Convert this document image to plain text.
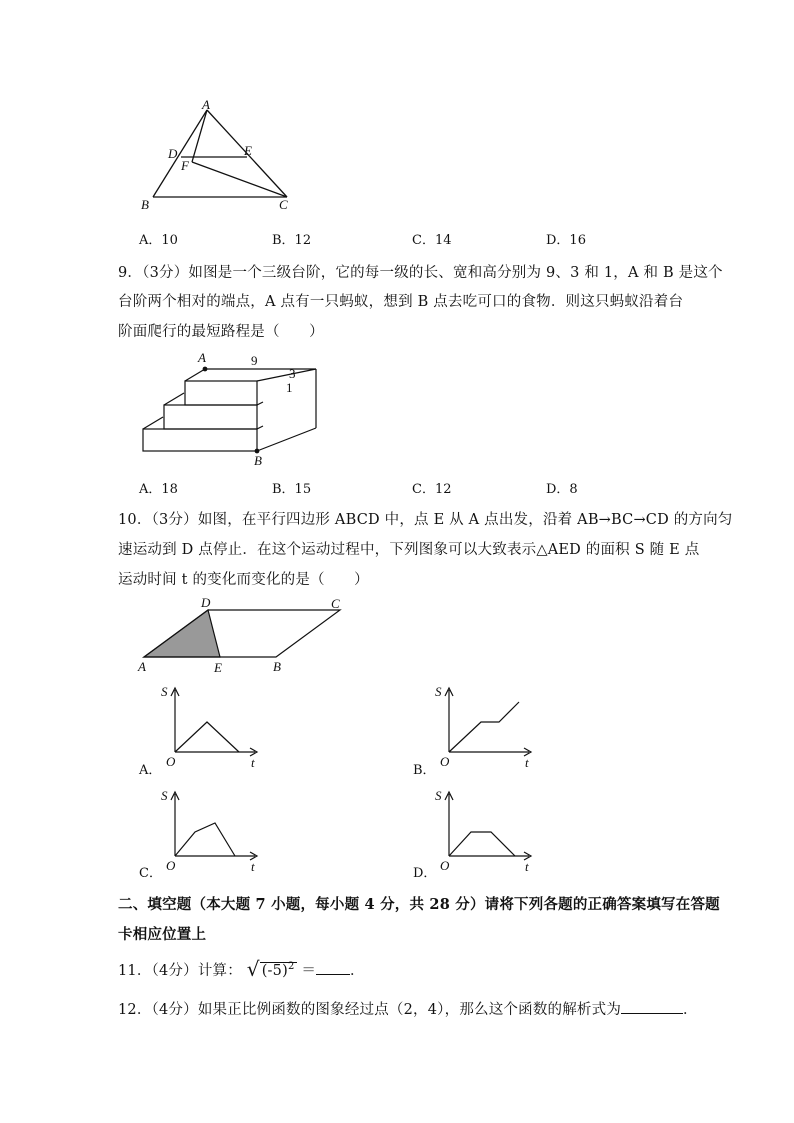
A
D	E
F
B	C
A．10	B．12	C．14	D．16
9．（3分）如图是一个三级台阶，它的每一级的长、宽和高分别为 9、3 和 1，A 和 B 是这个
台阶两个相对的端点，A 点有一只蚂蚁，想到 B 点去吃可口的食物．则这只蚂蚁沿着台
阶面爬行的最短路程是（　　）
A
B
9
3
1
A．18	B．15	C．12	D．8
10．（3分）如图，在平行四边形 ABCD 中，点 E 从 A 点出发，沿着 AB→BC→CD 的方向匀
速运动到 D 点停止．在这个运动过程中，下列图象可以大致表示△AED 的面积 S 随 E 点
运动时间 t 的变化而变化的是（　　）
D	C
A	E	B
S
t
O
A．
S
t
O
B．
S
t
O
C．
S
t
O
D．
二、填空题（本大题 7 小题，每小题 4 分，共 28 分）请将下列各题的正确答案填写在答题
卡相应位置上
11．（4分）计算： √ $(-5)^2$ ＝ ．
12．（4分）如果正比例函数的图象经过点（2，4），那么这个函数的解析式为	．
